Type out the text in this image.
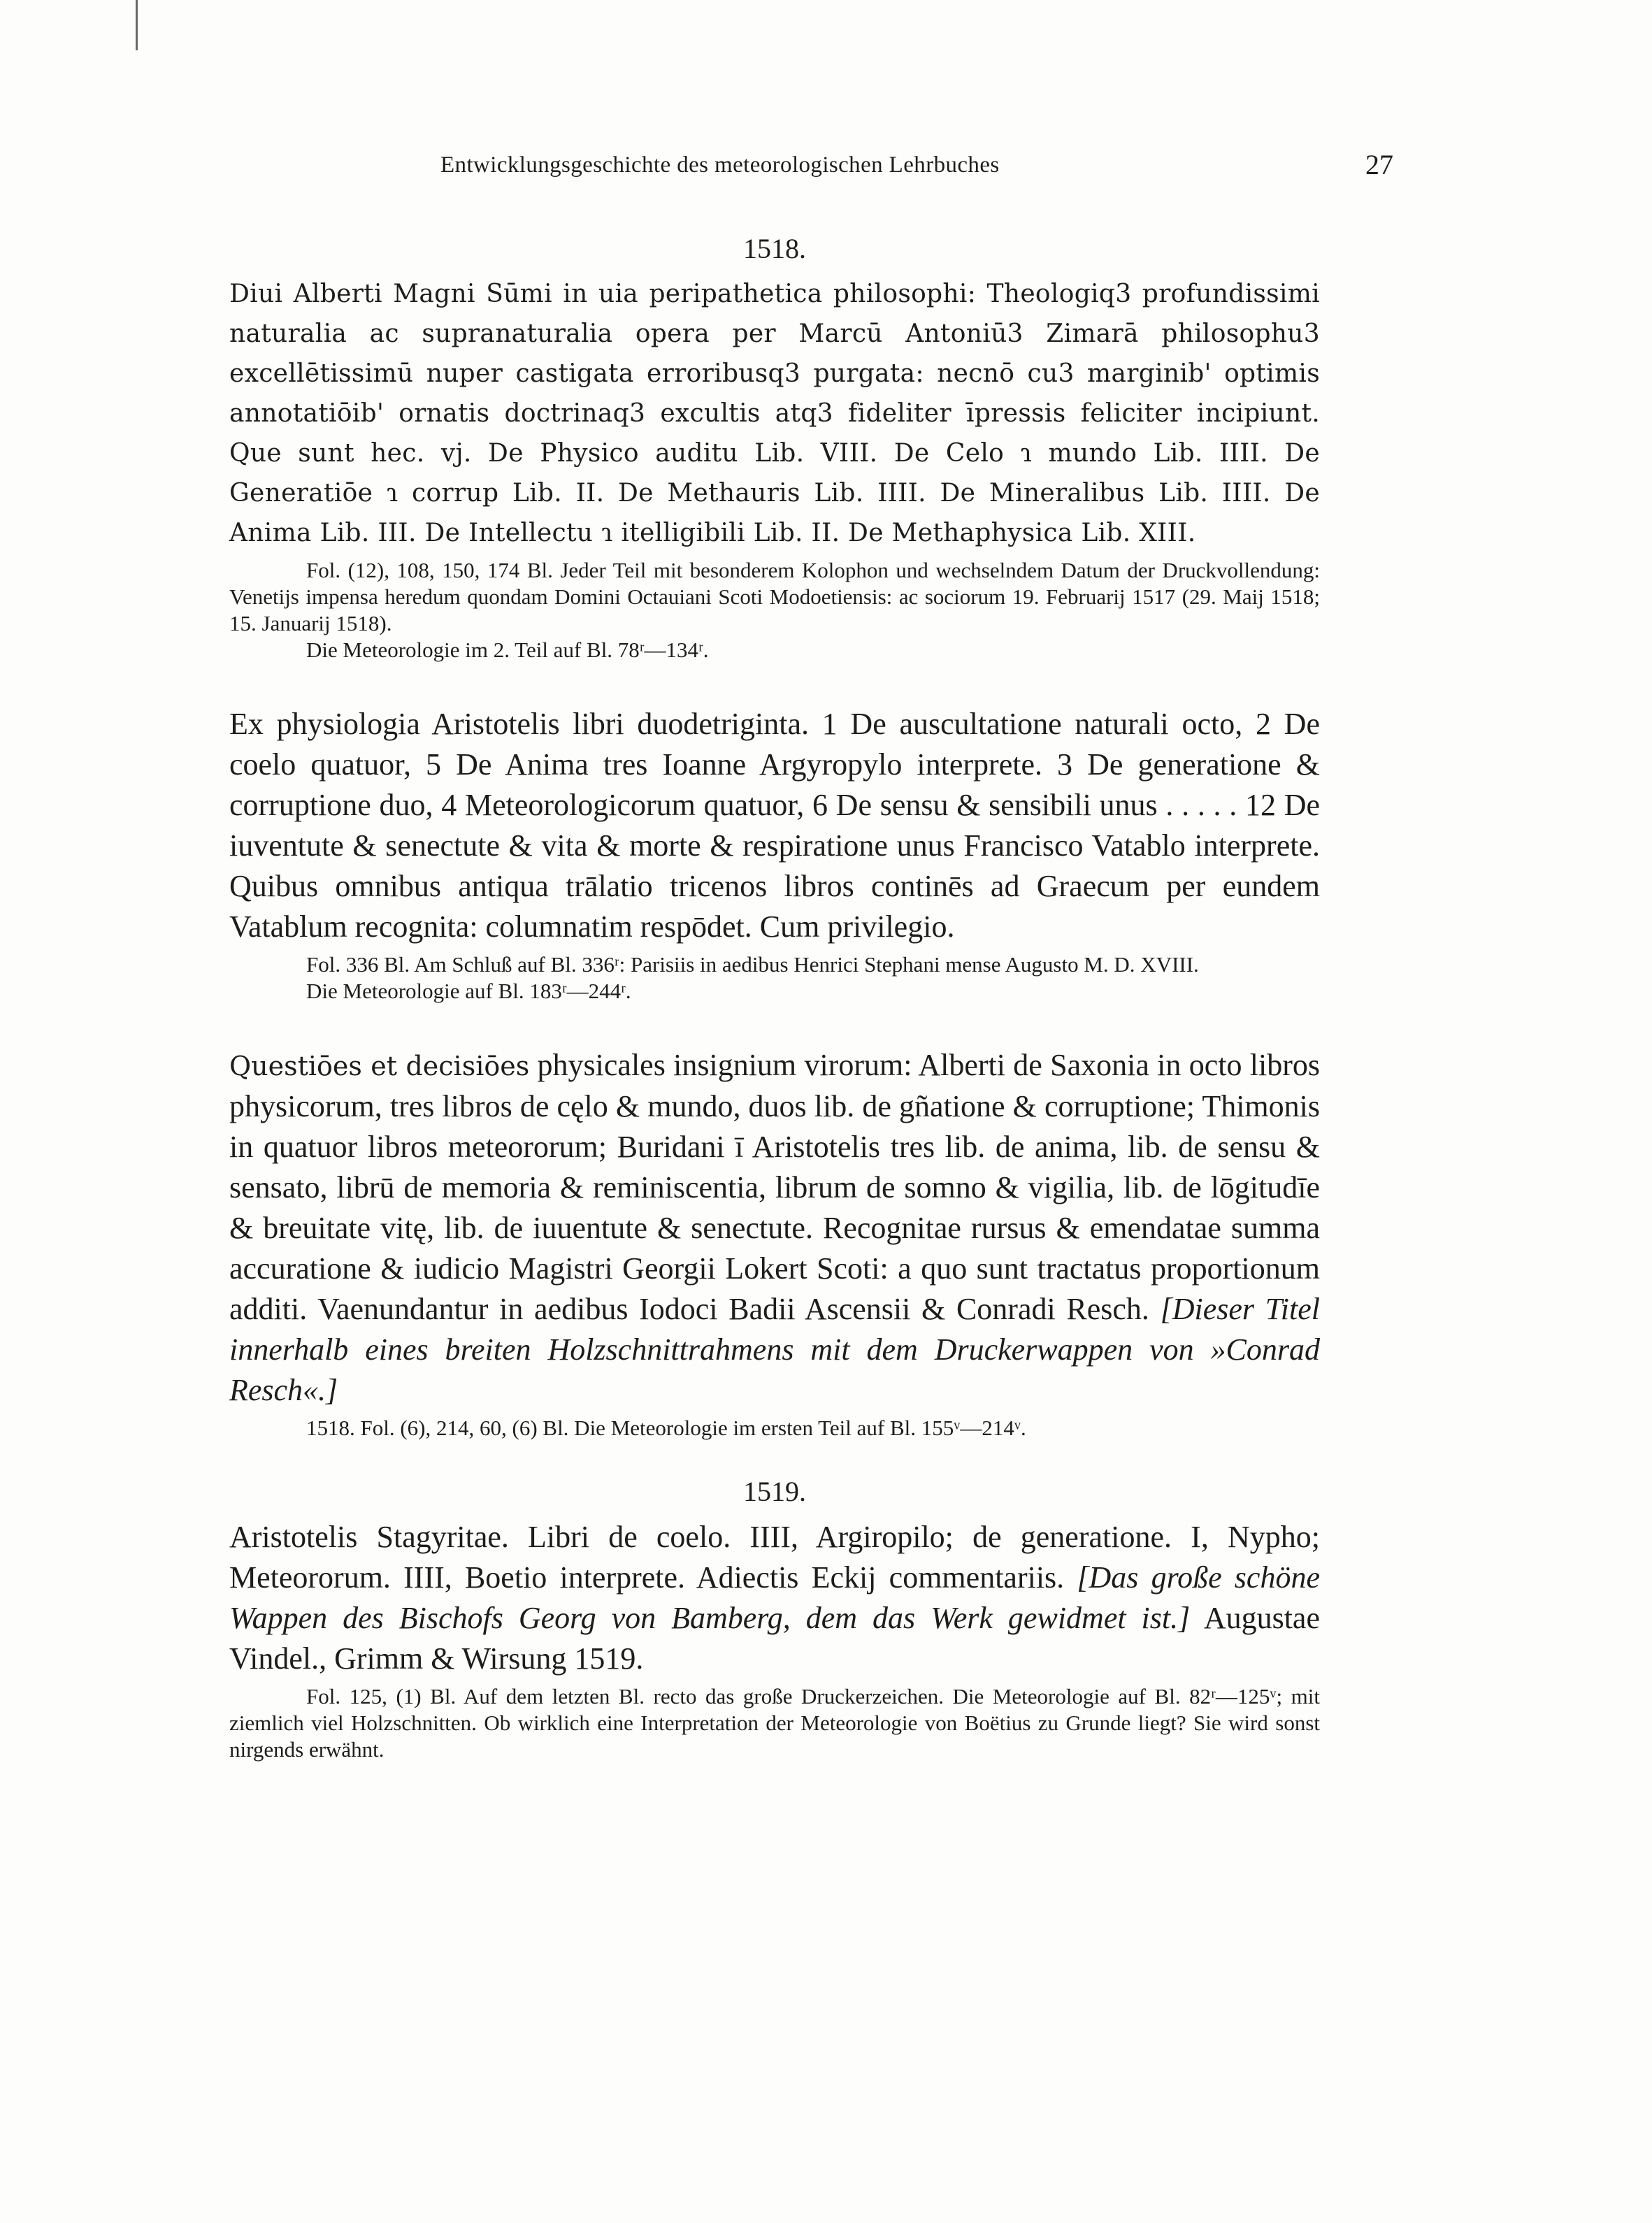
Entwicklungsgeschichte des meteorologischen Lehrbuches	27
1518.

Diui Alberti Magni Sūmi in uia peripathetica philosophi: Theologiq3 profundissimi naturalia ac supranaturalia opera per Marcū Antoniū3 Zimarā philosophu3 excellētissimū nuper castigata erroribusq3 purgata: necnō cu3 marginib' optimis annotatiōib' ornatis doctrinaq3 excultis atq3 fideliter īpressis feliciter incipiunt. Que sunt hec. vj. De Physico auditu Lib. VIII. De Celo ɿ mundo Lib. IIII. De Generatiōe ɿ corrup Lib. II. De Methauris Lib. IIII. De Mineralibus Lib. IIII. De Anima Lib. III. De Intellectu ɿ itelligibili Lib. II. De Methaphysica Lib. XIII.

Fol. (12), 108, 150, 174 Bl. Jeder Teil mit besonderem Kolophon und wechselndem Datum der Druckvollendung: Venetijs impensa heredum quondam Domini Octauiani Scoti Modoetiensis: ac sociorum 19. Februarij 1517 (29. Maij 1518; 15. Januarij 1518).

Die Meteorologie im 2. Teil auf Bl. 78ʳ—134ʳ.

Ex physiologia Aristotelis libri duodetriginta. 1 De auscultatione naturali octo, 2 De coelo quatuor, 5 De Anima tres Ioanne Argyropylo interprete. 3 De generatione & corruptione duo, 4 Meteorologicorum quatuor, 6 De sensu & sensibili unus . . . . . 12 De iuventute & senectute & vita & morte & respiratione unus Francisco Vatablo interprete. Quibus omnibus antiqua trālatio tricenos libros continēs ad Graecum per eundem Vatablum recognita: columnatim respōdet. Cum privilegio.

Fol. 336 Bl. Am Schluß auf Bl. 336ʳ: Parisiis in aedibus Henrici Stephani mense Augusto M. D. XVIII.

Die Meteorologie auf Bl. 183ʳ—244ʳ.

Questiōes et decisiōes physicales insignium virorum: Alberti de Saxonia in octo libros physicorum, tres libros de cęlo & mundo, duos lib. de gñatione & corruptione; Thimonis in quatuor libros meteororum; Buridani ī Aristotelis tres lib. de anima, lib. de sensu & sensato, librū de memoria & reminiscentia, librum de somno & vigilia, lib. de lōgitudīe & breuitate vitę, lib. de iuuentute & senectute. Recognitae rursus & emendatae summa accuratione & iudicio Magistri Georgii Lokert Scoti: a quo sunt tractatus proportionum additi. Vaenundantur in aedibus Iodoci Badii Ascensii & Conradi Resch. [Dieser Titel innerhalb eines breiten Holzschnittrahmens mit dem Druckerwappen von »Conrad Resch«.]

1518. Fol. (6), 214, 60, (6) Bl. Die Meteorologie im ersten Teil auf Bl. 155ᵛ—214ᵛ.

1519.

Aristotelis Stagyritae. Libri de coelo. IIII, Argiropilo; de generatione. I, Nypho; Meteororum. IIII, Boetio interprete. Adiectis Eckij commentariis. [Das große schöne Wappen des Bischofs Georg von Bamberg, dem das Werk gewidmet ist.] Augustae Vindel., Grimm & Wirsung 1519.

Fol. 125, (1) Bl. Auf dem letzten Bl. recto das große Druckerzeichen. Die Meteorologie auf Bl. 82ʳ—125ᵛ; mit ziemlich viel Holzschnitten. Ob wirklich eine Interpretation der Meteorologie von Boëtius zu Grunde liegt? Sie wird sonst nirgends erwähnt.
